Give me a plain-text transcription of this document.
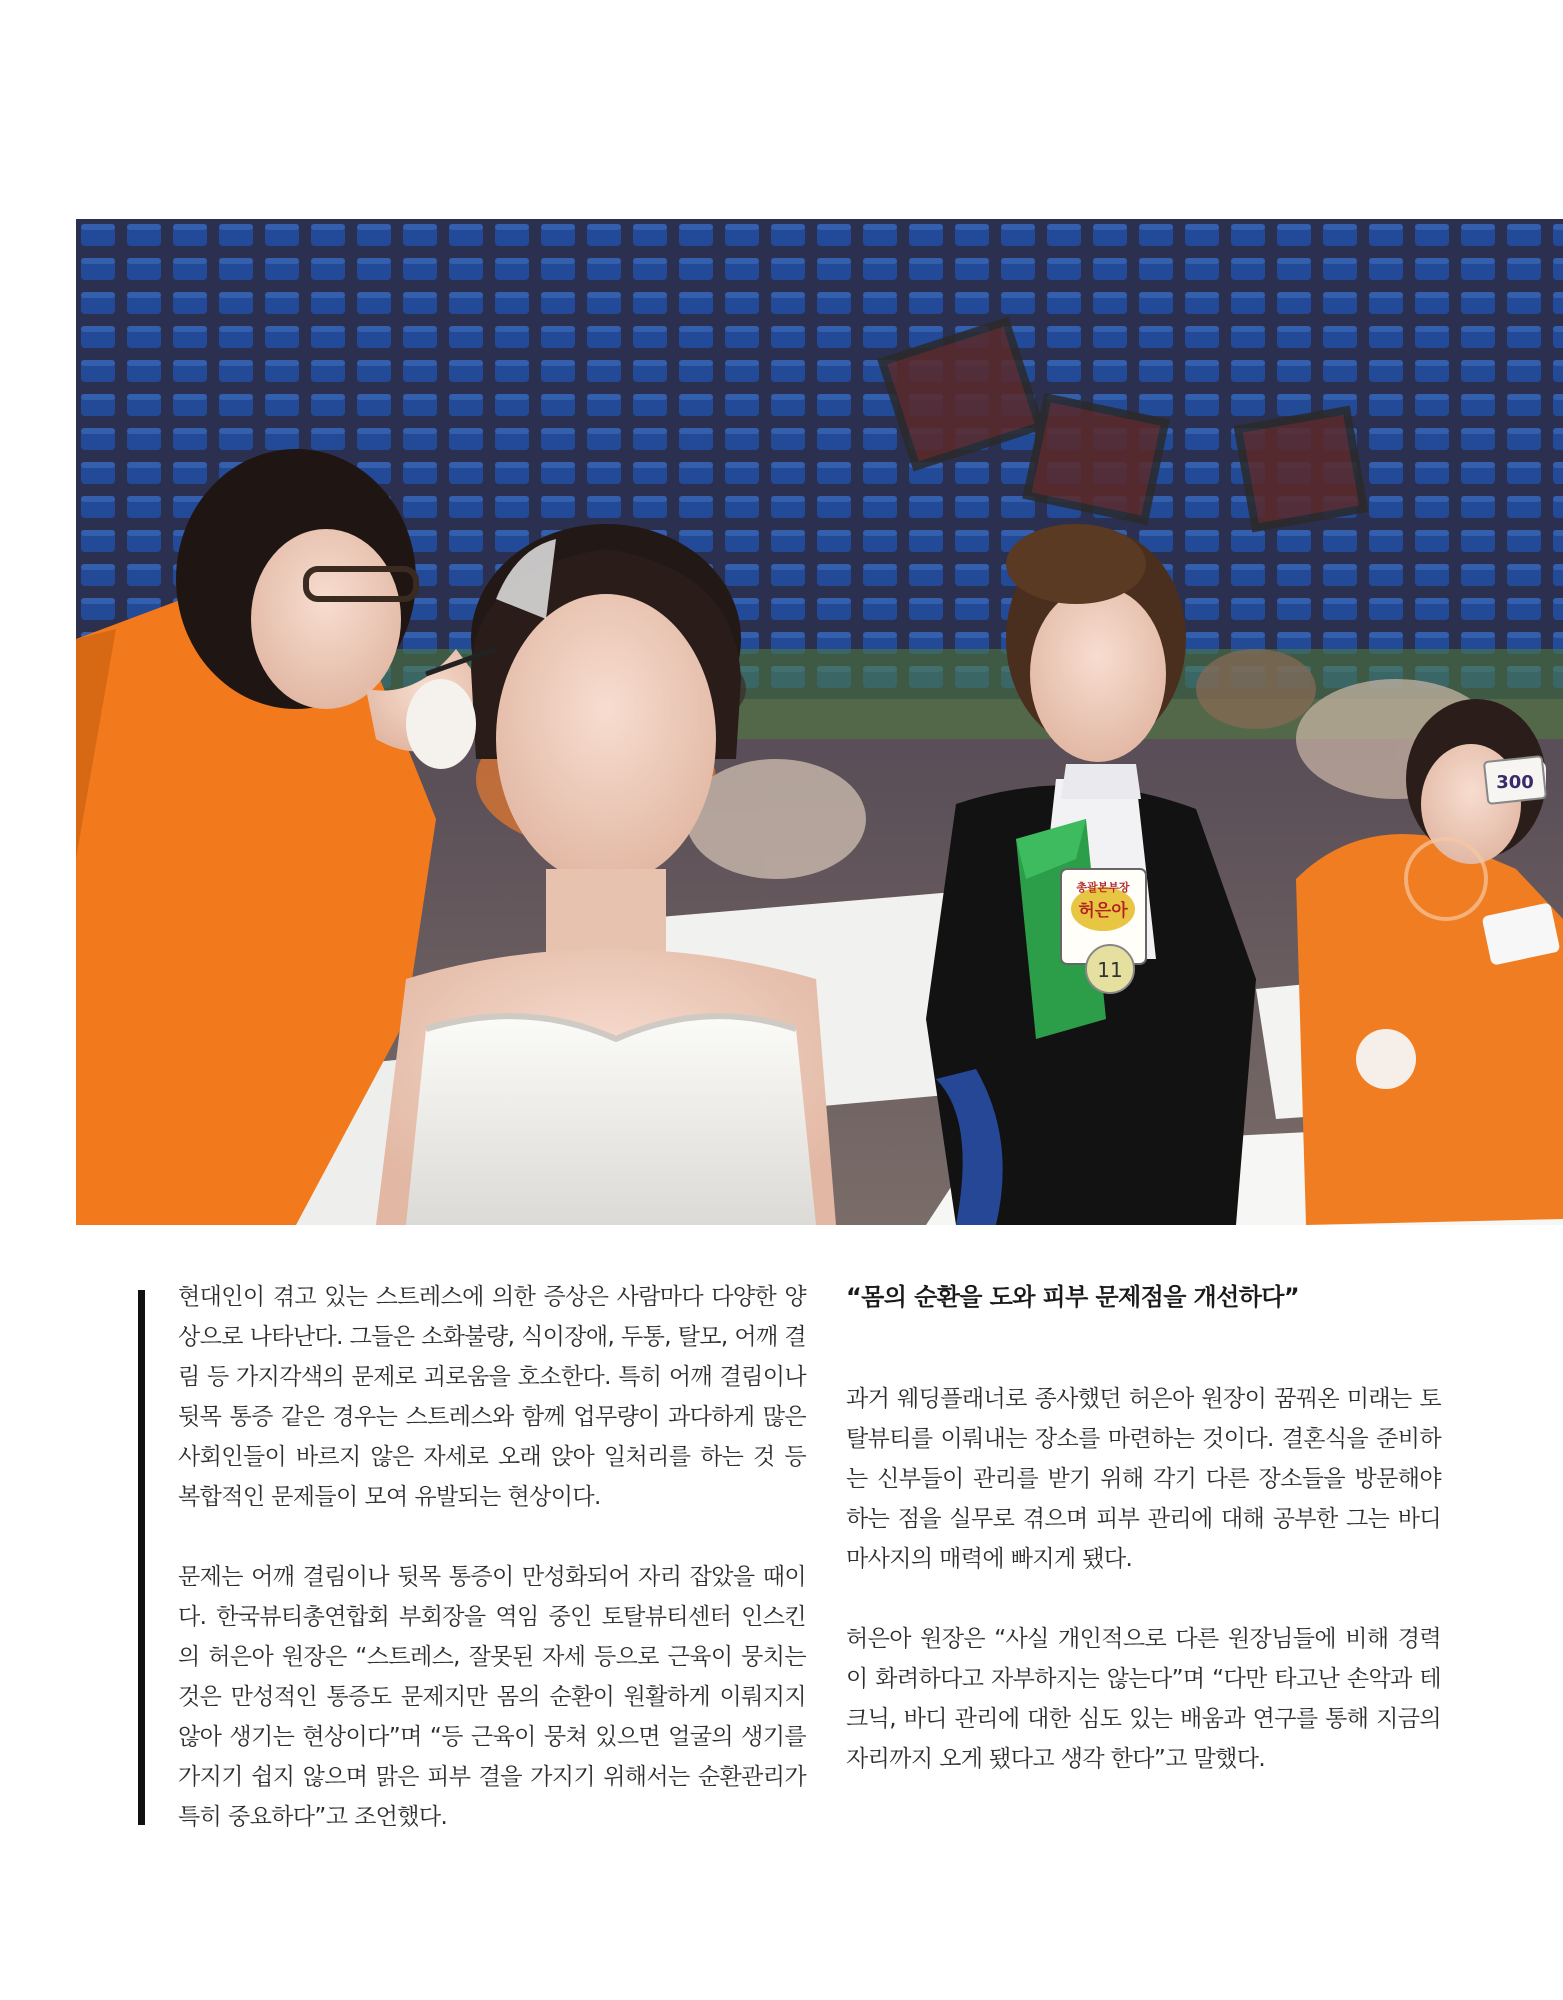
총괄본부장
허은아
11
300

현대인이 겪고 있는 스트레스에 의한 증상은 사람마다 다양한 양상으로 나타난다. 그들은 소화불량, 식이장애, 두통, 탈모, 어깨 결림 등 가지각색의 문제로 괴로움을 호소한다. 특히 어깨 결림이나 뒷목 통증 같은 경우는 스트레스와 함께 업무량이 과다하게 많은 사회인들이 바르지 않은 자세로 오래 앉아 일처리를 하는 것 등 복합적인 문제들이 모여 유발되는 현상이다.

문제는 어깨 결림이나 뒷목 통증이 만성화되어 자리 잡았을 때이다. 한국뷰티총연합회 부회장을 역임 중인 토탈뷰티센터 인스킨의 허은아 원장은 “스트레스, 잘못된 자세 등으로 근육이 뭉치는 것은 만성적인 통증도 문제지만 몸의 순환이 원활하게 이뤄지지 않아 생기는 현상이다”며 “등 근육이 뭉쳐 있으면 얼굴의 생기를 가지기 쉽지 않으며 맑은 피부 결을 가지기 위해서는 순환관리가 특히 중요하다”고 조언했다.

“몸의 순환을 도와 피부 문제점을 개선하다”

과거 웨딩플래너로 종사했던 허은아 원장이 꿈꿔온 미래는 토탈뷰티를 이뤄내는 장소를 마련하는 것이다. 결혼식을 준비하는 신부들이 관리를 받기 위해 각기 다른 장소들을 방문해야 하는 점을 실무로 겪으며 피부 관리에 대해 공부한 그는 바디 마사지의 매력에 빠지게 됐다.

허은아 원장은 “사실 개인적으로 다른 원장님들에 비해 경력이 화려하다고 자부하지는 않는다”며 “다만 타고난 손악과 테크닉, 바디 관리에 대한 심도 있는 배움과 연구를 통해 지금의 자리까지 오게 됐다고 생각 한다”고 말했다.
